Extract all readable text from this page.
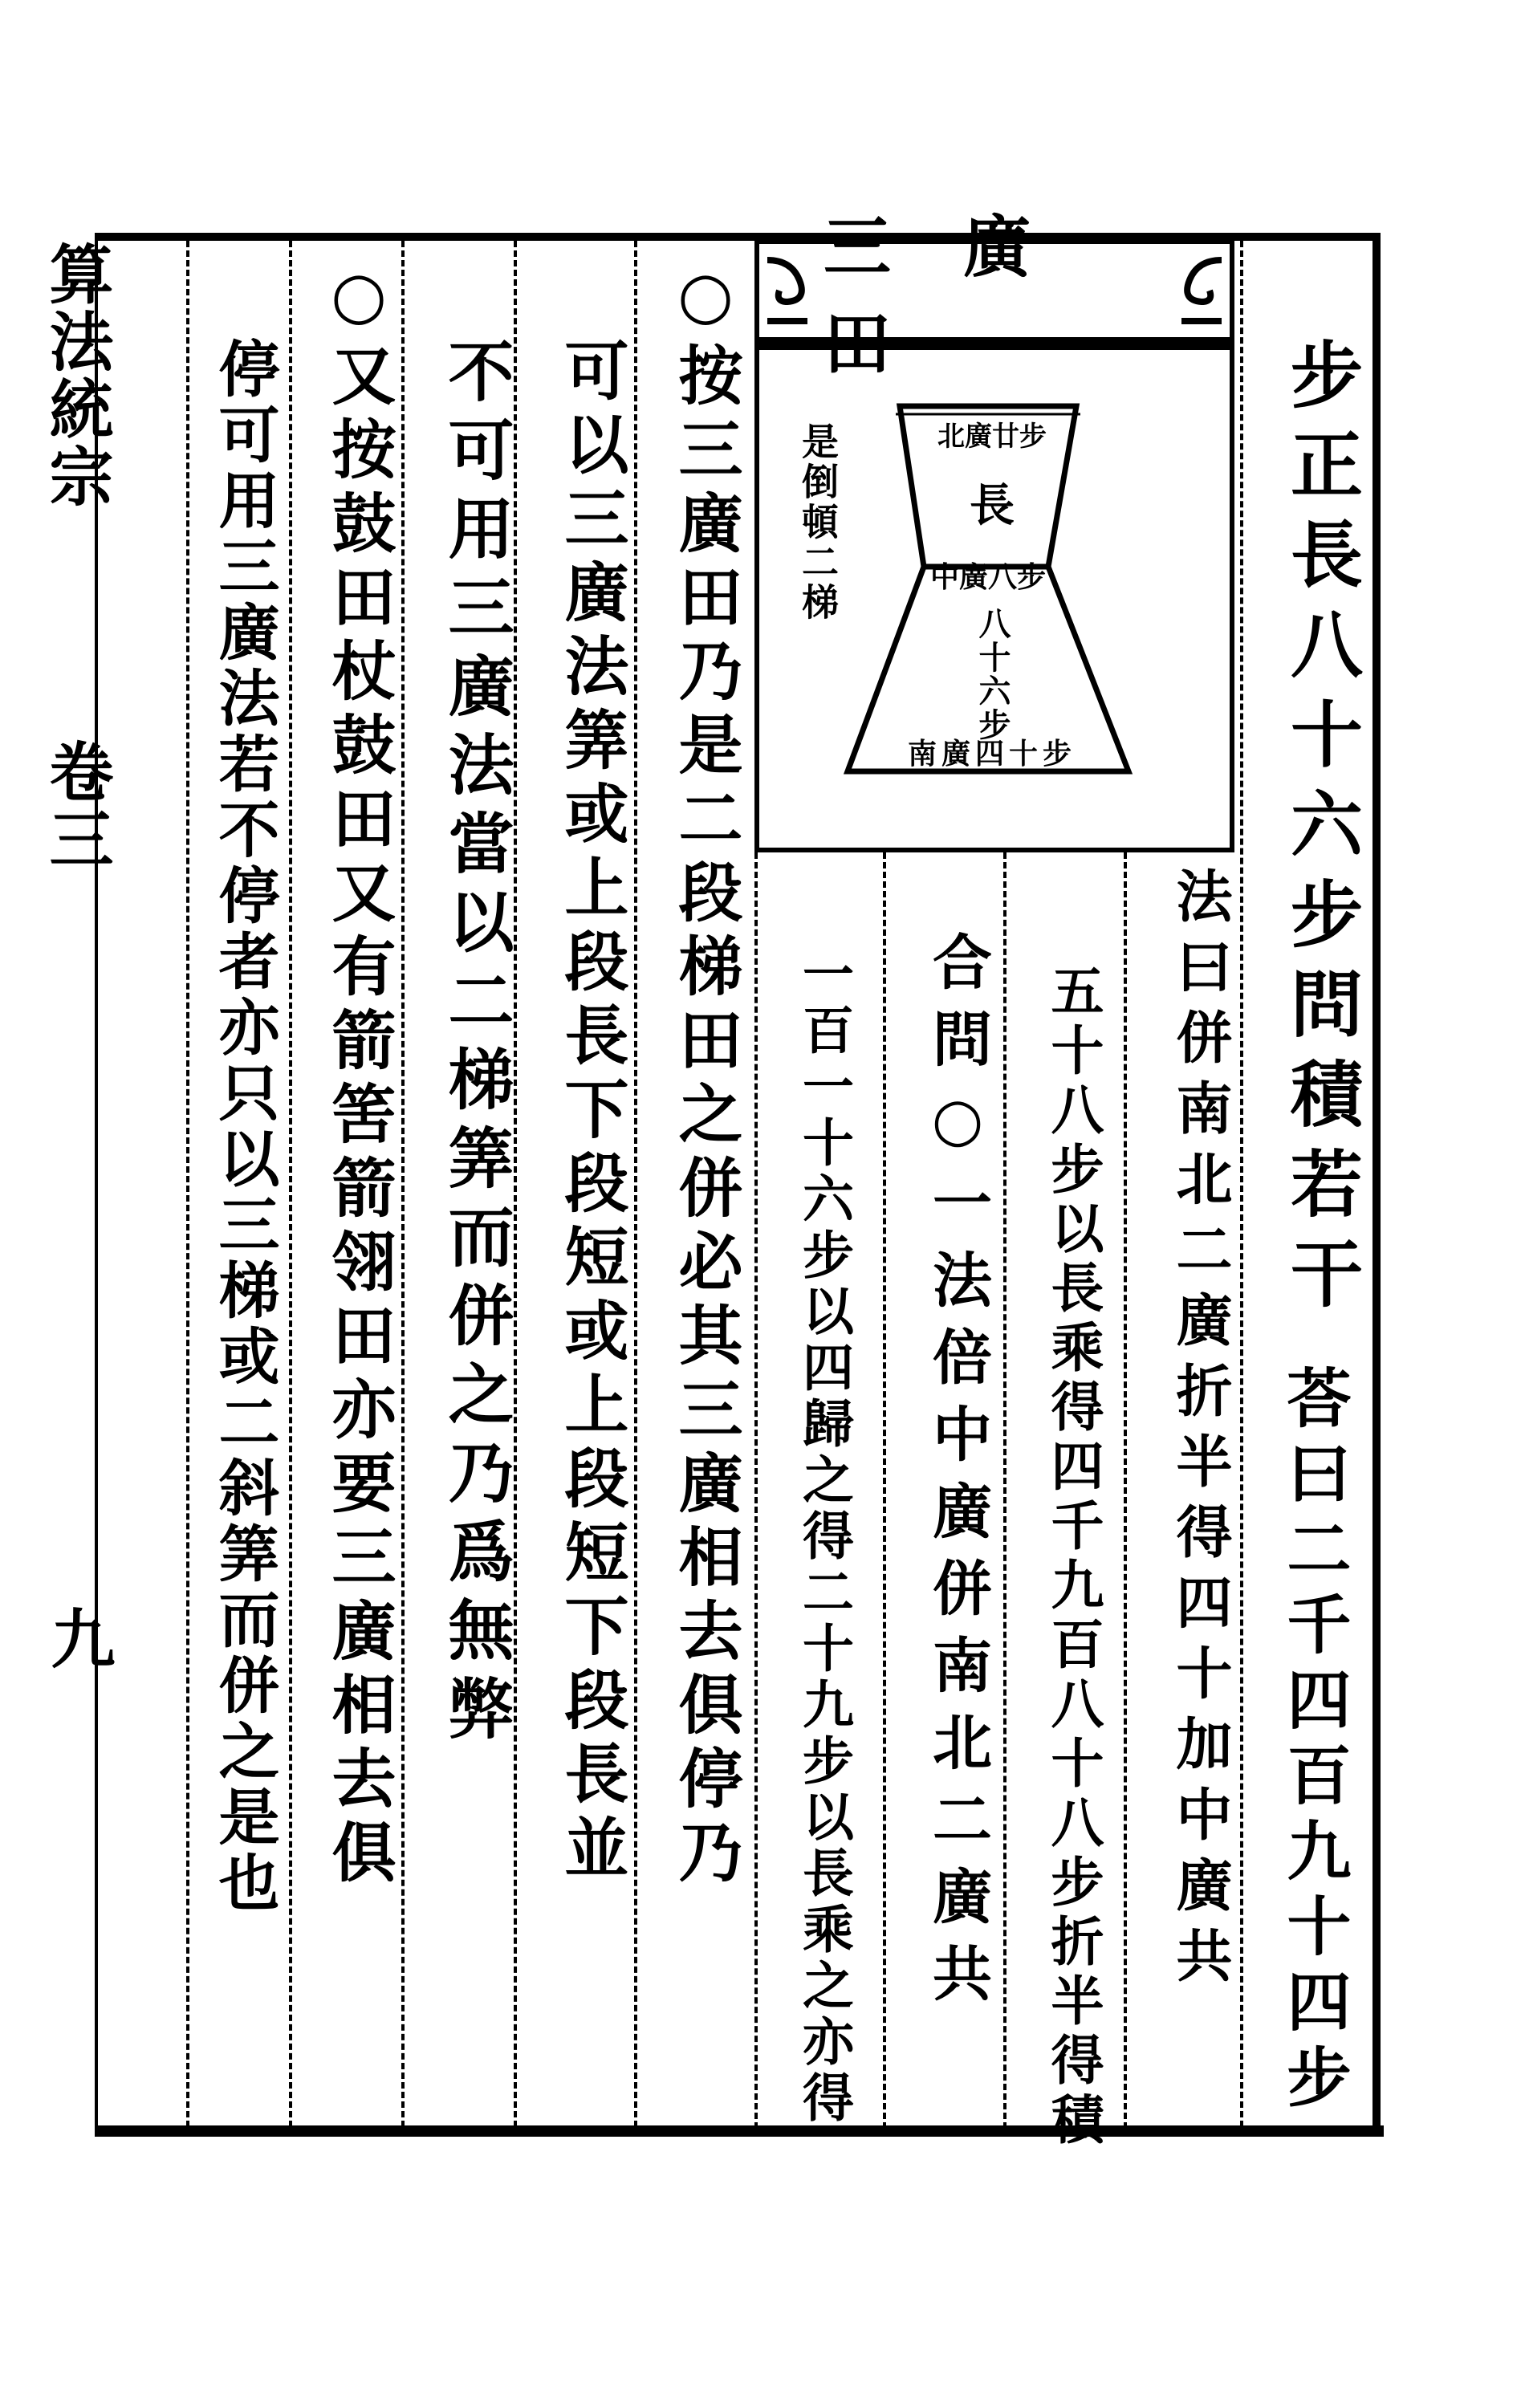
算法統宗
卷三
九
三廣田
是倒頓二梯	北廣廿步
長
中廣八步
八十六步
南廣四十步	步正長八十六步問積若干
荅曰二千四百九十四步
法曰併南北二廣折半得四十加中廣共
五十八步以長乘得四千九百八十八步折半得積
合問○一法倍中廣併南北二廣共
一百一十六步以四歸之得二十九步以長乘之亦得
○按三廣田乃是二段梯田之併必其三廣相去俱停乃
可以三廣法筭或上段長下段短或上段短下段長並
不可用三廣法當以二梯筭而併之乃爲無弊
○又按鼓田杖鼓田又有箭筈箭翎田亦要三廣相去俱
停可用三廣法若不停者亦只以三梯或二斜筭而併之是也
